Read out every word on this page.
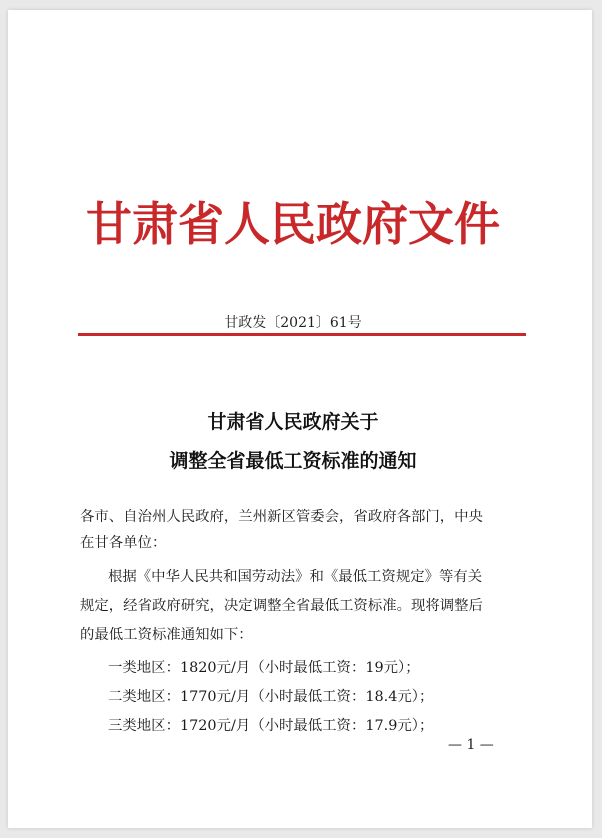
甘肃省人民政府文件
甘政发〔2021〕61号
甘肃省人民政府关于
调整全省最低工资标准的通知
各市、自治州人民政府，兰州新区管委会，省政府各部门，中央
在甘各单位：
根据《中华人民共和国劳动法》和《最低工资规定》等有关
规定，经省政府研究，决定调整全省最低工资标准。现将调整后
的最低工资标准通知如下：
一类地区：1820元/月（小时最低工资：19元）；
二类地区：1770元/月（小时最低工资：18.4元）；
三类地区：1720元/月（小时最低工资：17.9元）；
— 1 —
